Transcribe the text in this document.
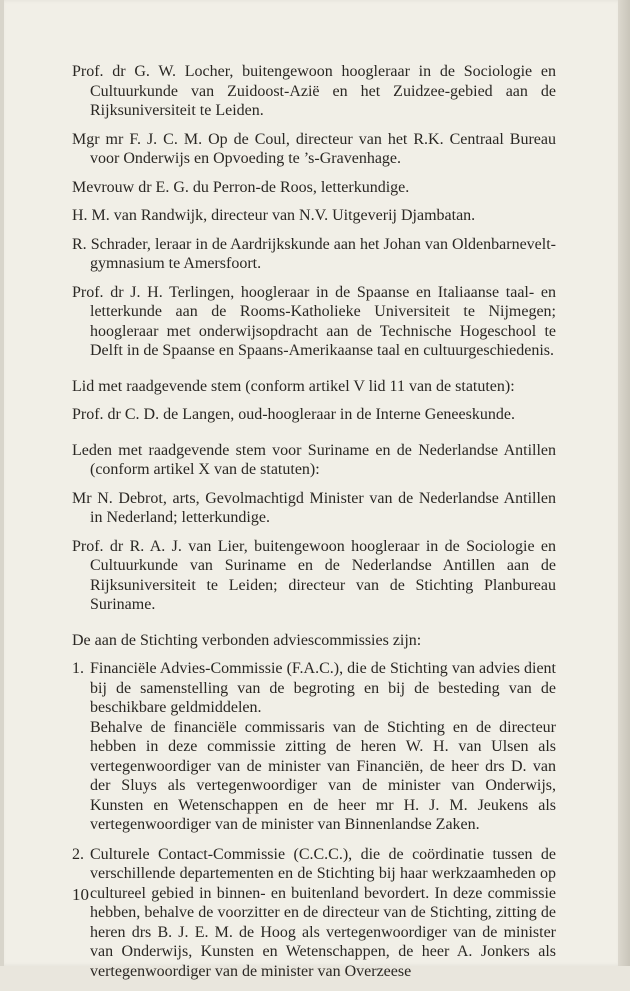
Prof. dr G. W. Locher, buitengewoon hoogleraar in de Sociologie en Cultuurkunde van Zuidoost-Azië en het Zuidzee-gebied aan de Rijksuniversiteit te Leiden.

Mgr mr F. J. C. M. Op de Coul, directeur van het R.K. Centraal Bureau voor Onderwijs en Opvoeding te ’s-Gravenhage.

Mevrouw dr E. G. du Perron-de Roos, letterkundige.

H. M. van Randwijk, directeur van N.V. Uitgeverij Djambatan.

R. Schrader, leraar in de Aardrijkskunde aan het Johan van Oldenbarnevelt-gymnasium te Amersfoort.

Prof. dr J. H. Terlingen, hoogleraar in de Spaanse en Italiaanse taal- en letterkunde aan de Rooms-Katholieke Universiteit te Nijmegen; hoogleraar met onderwijsopdracht aan de Technische Hogeschool te Delft in de Spaanse en Spaans-Amerikaanse taal en cultuurgeschiedenis.

Lid met raadgevende stem (conform artikel V lid 11 van de statuten):

Prof. dr C. D. de Langen, oud-hoogleraar in de Interne Geneeskunde.

Leden met raadgevende stem voor Suriname en de Nederlandse Antillen (conform artikel X van de statuten):

Mr N. Debrot, arts, Gevolmachtigd Minister van de Nederlandse Antillen in Nederland; letterkundige.

Prof. dr R. A. J. van Lier, buitengewoon hoogleraar in de Sociologie en Cultuurkunde van Suriname en de Nederlandse Antillen aan de Rijksuniversiteit te Leiden; directeur van de Stichting Planbureau Suriname.

De aan de Stichting verbonden adviescommissies zijn:

1. Financiële Advies-Commissie (F.A.C.), die de Stichting van advies dient bij de samenstelling van de begroting en bij de besteding van de beschikbare geldmiddelen.

Behalve de financiële commissaris van de Stichting en de directeur hebben in deze commissie zitting de heren W. H. van Ulsen als vertegenwoordiger van de minister van Financiën, de heer drs D. van der Sluys als vertegenwoordiger van de minister van Onderwijs, Kunsten en Wetenschappen en de heer mr H. J. M. Jeukens als vertegenwoordiger van de minister van Binnenlandse Zaken.

2. Culturele Contact-Commissie (C.C.C.), die de coördinatie tussen de verschillende departementen en de Stichting bij haar werkzaamheden op cultureel gebied in binnen- en buitenland bevordert. In deze commissie hebben, behalve de voorzitter en de directeur van de Stichting, zitting de heren drs B. J. E. M. de Hoog als vertegenwoordiger van de minister van Onderwijs, Kunsten en Wetenschappen, de heer A. Jonkers als vertegenwoordiger van de minister van Overzeese

10
